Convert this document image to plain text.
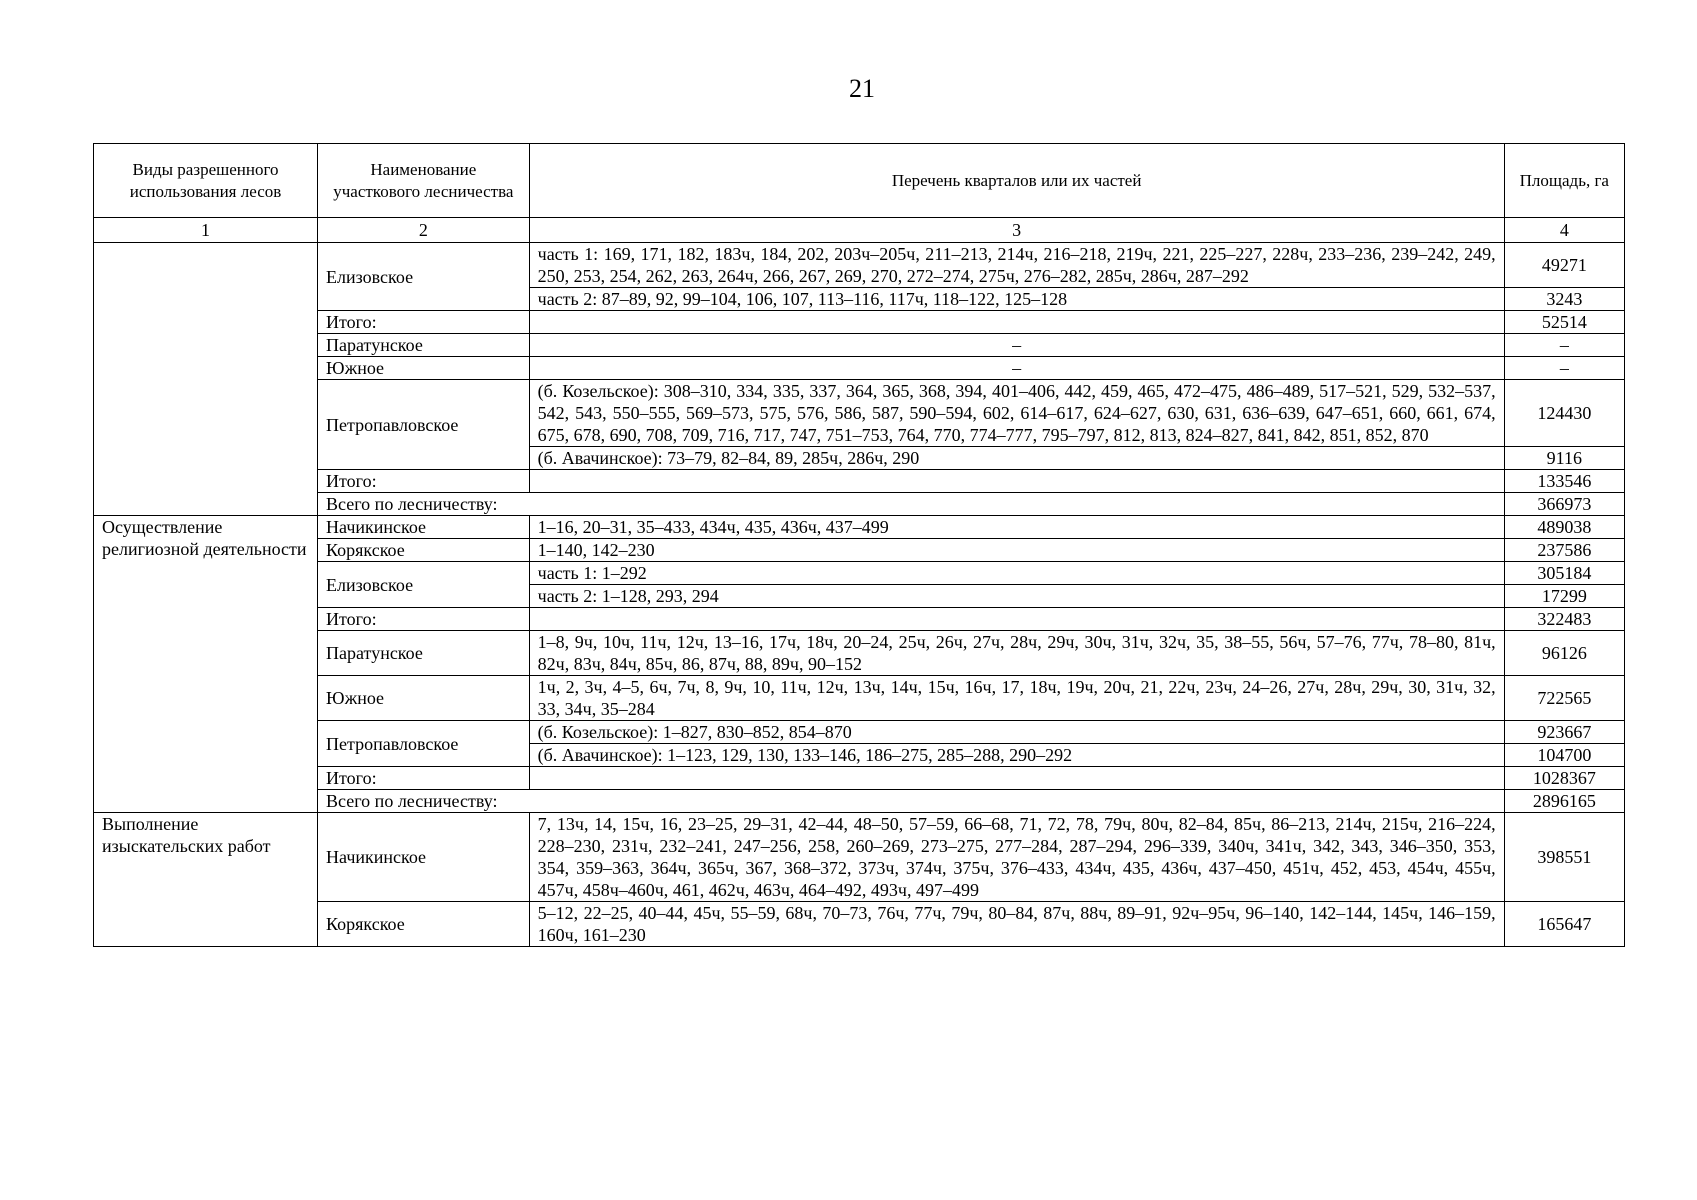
21
Виды разрешенного использования лесов	Наименование участкового лесничества	Перечень кварталов или их частей	Площадь, га
1	2	3	4
	Елизовское	часть 1: 169, 171, 182, 183ч, 184, 202, 203ч–205ч, 211–213, 214ч, 216–218, 219ч, 221, 225–227, 228ч, 233–236, 239–242, 249, 250, 253, 254, 262, 263, 264ч, 266, 267, 269, 270, 272–274, 275ч, 276–282, 285ч, 286ч, 287–292	49271
		часть 2: 87–89, 92, 99–104, 106, 107, 113–116, 117ч, 118–122, 125–128	3243
	Итого:		52514
	Паратунское	–	–
	Южное	–	–
	Петропавловское	(б. Козельское): 308–310, 334, 335, 337, 364, 365, 368, 394, 401–406, 442, 459, 465, 472–475, 486–489, 517–521, 529, 532–537, 542, 543, 550–555, 569–573, 575, 576, 586, 587, 590–594, 602, 614–617, 624–627, 630, 631, 636–639, 647–651, 660, 661, 674, 675, 678, 690, 708, 709, 716, 717, 747, 751–753, 764, 770, 774–777, 795–797, 812, 813, 824–827, 841, 842, 851, 852, 870	124430
		(б. Авачинское): 73–79, 82–84, 89, 285ч, 286ч, 290	9116
	Итого:		133546
	Всего по лесничеству:		366973
Осуществление религиозной деятельности	Начикинское	1–16, 20–31, 35–433, 434ч, 435, 436ч, 437–499	489038
	Корякское	1–140, 142–230	237586
	Елизовское	часть 1: 1–292	305184
		часть 2: 1–128, 293, 294	17299
	Итого:		322483
	Паратунское	1–8, 9ч, 10ч, 11ч, 12ч, 13–16, 17ч, 18ч, 20–24, 25ч, 26ч, 27ч, 28ч, 29ч, 30ч, 31ч, 32ч, 35, 38–55, 56ч, 57–76, 77ч, 78–80, 81ч, 82ч, 83ч, 84ч, 85ч, 86, 87ч, 88, 89ч, 90–152	96126
	Южное	1ч, 2, 3ч, 4–5, 6ч, 7ч, 8, 9ч, 10, 11ч, 12ч, 13ч, 14ч, 15ч, 16ч, 17, 18ч, 19ч, 20ч, 21, 22ч, 23ч, 24–26, 27ч, 28ч, 29ч, 30, 31ч, 32, 33, 34ч, 35–284	722565
	Петропавловское	(б. Козельское): 1–827, 830–852, 854–870	923667
		(б. Авачинское): 1–123, 129, 130, 133–146, 186–275, 285–288, 290–292	104700
	Итого:		1028367
	Всего по лесничеству:		2896165
Выполнение изыскательских работ	Начикинское	7, 13ч, 14, 15ч, 16, 23–25, 29–31, 42–44, 48–50, 57–59, 66–68, 71, 72, 78, 79ч, 80ч, 82–84, 85ч, 86–213, 214ч, 215ч, 216–224, 228–230, 231ч, 232–241, 247–256, 258, 260–269, 273–275, 277–284, 287–294, 296–339, 340ч, 341ч, 342, 343, 346–350, 353, 354, 359–363, 364ч, 365ч, 367, 368–372, 373ч, 374ч, 375ч, 376–433, 434ч, 435, 436ч, 437–450, 451ч, 452, 453, 454ч, 455ч, 457ч, 458ч–460ч, 461, 462ч, 463ч, 464–492, 493ч, 497–499	398551
	Корякское	5–12, 22–25, 40–44, 45ч, 55–59, 68ч, 70–73, 76ч, 77ч, 79ч, 80–84, 87ч, 88ч, 89–91, 92ч–95ч, 96–140, 142–144, 145ч, 146–159, 160ч, 161–230	165647
